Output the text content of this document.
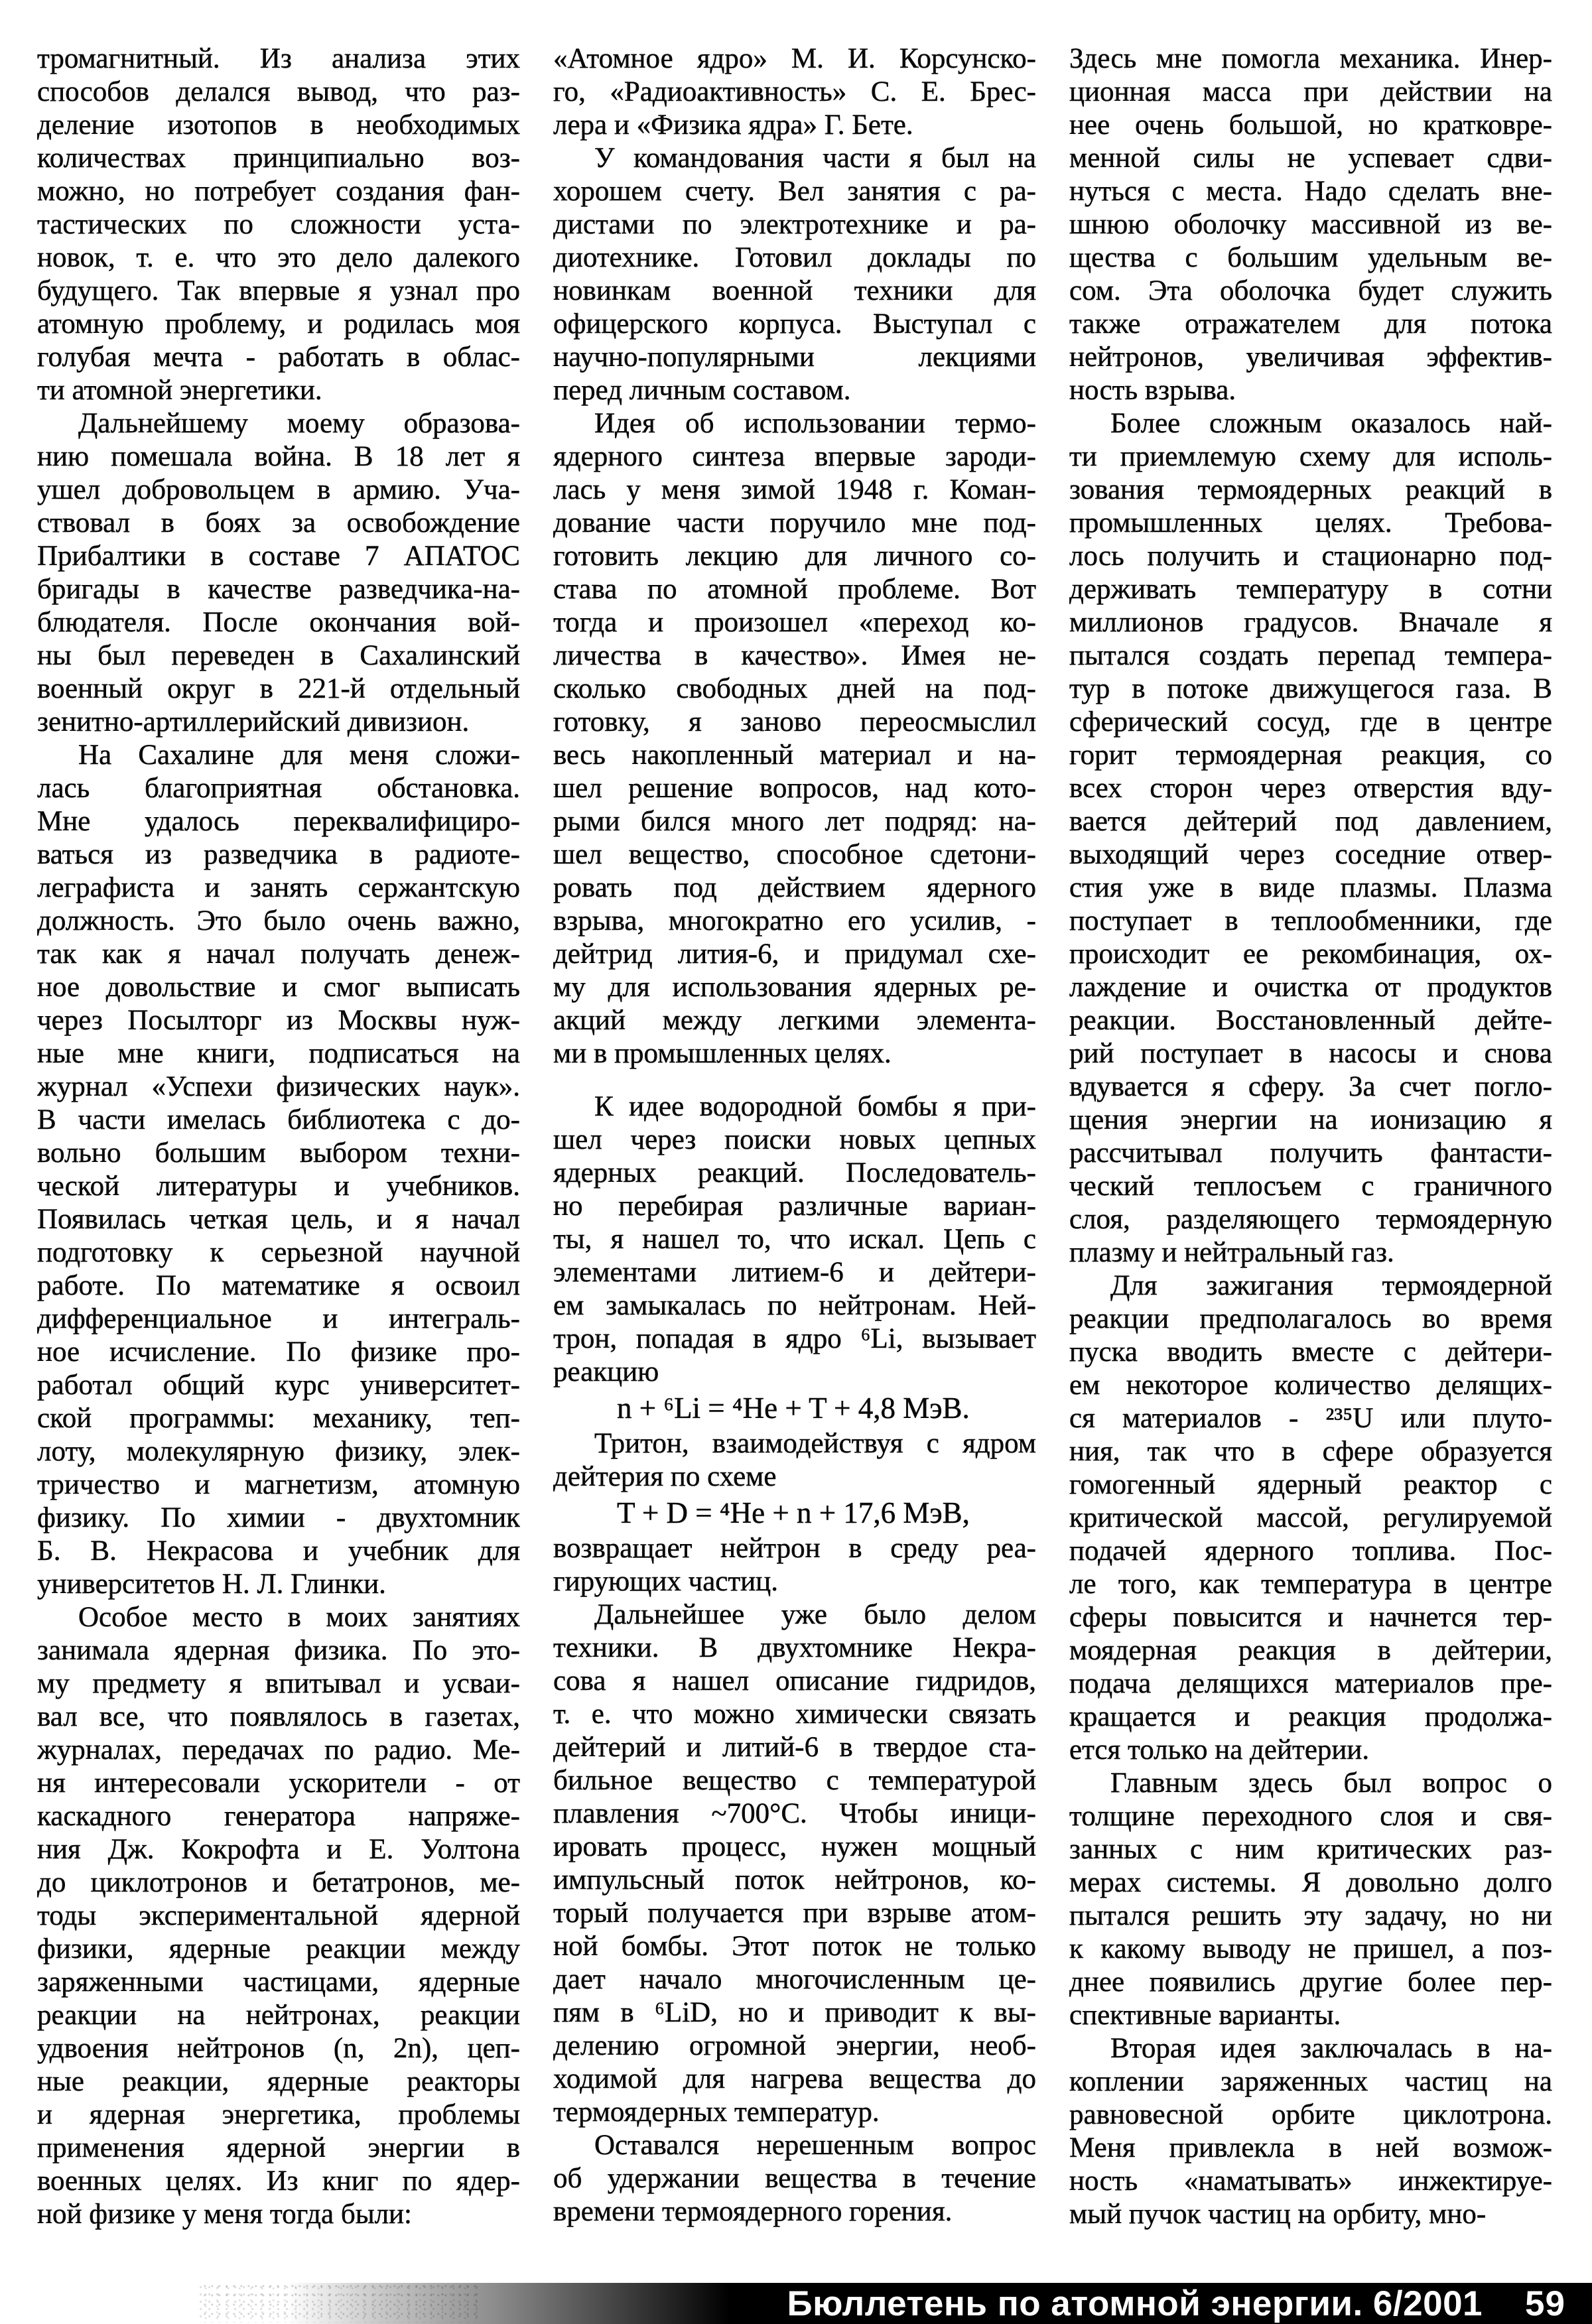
тромагнитный. Из анализа этих
способов делался вывод, что раз-
деление изотопов в необходимых
количествах принципиально воз-
можно, но потребует создания фан-
тастических по сложности уста-
новок, т. е. что это дело далекого
будущего. Так впервые я узнал про
атомную проблему, и родилась моя
голубая мечта - работать в облас-
ти атомной энергетики.
Дальнейшему моему образова-
нию помешала война. В 18 лет я
ушел добровольцем в армию. Уча-
ствовал в боях за освобождение
Прибалтики в составе 7 АПАТОС
бригады в качестве разведчика-на-
блюдателя. После окончания вой-
ны был переведен в Сахалинский
военный округ в 221-й отдельный
зенитно-артиллерийский дивизион.
На Сахалине для меня сложи-
лась благоприятная обстановка.
Мне удалось переквалифициро-
ваться из разведчика в радиоте-
леграфиста и занять сержантскую
должность. Это было очень важно,
так как я начал получать денеж-
ное довольствие и смог выписать
через Посылторг из Москвы нуж-
ные мне книги, подписаться на
журнал «Успехи физических наук».
В части имелась библиотека с до-
вольно большим выбором техни-
ческой литературы и учебников.
Появилась четкая цель, и я начал
подготовку к серьезной научной
работе. По математике я освоил
дифференциальное и интеграль-
ное исчисление. По физике про-
работал общий курс университет-
ской программы: механику, теп-
лоту, молекулярную физику, элек-
тричество и магнетизм, атомную
физику. По химии - двухтомник
Б. В. Некрасова и учебник для
университетов Н. Л. Глинки.
Особое место в моих занятиях
занимала ядерная физика. По это-
му предмету я впитывал и усваи-
вал все, что появлялось в газетах,
журналах, передачах по радио. Ме-
ня интересовали ускорители - от
каскадного генератора напряже-
ния Дж. Кокрофта и Е. Уолтона
до циклотронов и бетатронов, ме-
тоды экспериментальной ядерной
физики, ядерные реакции между
заряженными частицами, ядерные
реакции на нейтронах, реакции
удвоения нейтронов (n, 2n), цеп-
ные реакции, ядерные реакторы
и ядерная энергетика, проблемы
применения ядерной энергии в
военных целях. Из книг по ядер-
ной физике у меня тогда были:
«Атомное ядро» М. И. Корсунско-
го, «Радиоактивность» С. Е. Брес-
лера и «Физика ядра» Г. Бете.
У командования части я был на
хорошем счету. Вел занятия с ра-
дистами по электротехнике и ра-
диотехнике. Готовил доклады по
новинкам военной техники для
офицерского корпуса. Выступал с
научно-популярными лекциями
перед личным составом.
Идея об использовании термо-
ядерного синтеза впервые зароди-
лась у меня зимой 1948 г. Коман-
дование части поручило мне под-
готовить лекцию для личного со-
става по атомной проблеме. Вот
тогда и произошел «переход ко-
личества в качество». Имея не-
сколько свободных дней на под-
готовку, я заново переосмыслил
весь накопленный материал и на-
шел решение вопросов, над кото-
рыми бился много лет подряд: на-
шел вещество, способное сдетони-
ровать под действием ядерного
взрыва, многократно его усилив, -
дейтрид лития-6, и придумал схе-
му для использования ядерных ре-
акций между легкими элемента-
ми в промышленных целях.
К идее водородной бомбы я при-
шел через поиски новых цепных
ядерных реакций. Последователь-
но перебирая различные вариан-
ты, я нашел то, что искал. Цепь с
элементами литием-6 и дейтери-
ем замыкалась по нейтронам. Ней-
трон, попадая в ядро ⁶Li, вызывает
реакцию
n + ⁶Li = ⁴He + T + 4,8 МэВ.
Тритон, взаимодействуя с ядром
дейтерия по схеме
T + D = ⁴He + n + 17,6 МэВ,
возвращает нейтрон в среду реа-
гирующих частиц.
Дальнейшее уже было делом
техники. В двухтомнике Некра-
сова я нашел описание гидридов,
т. е. что можно химически связать
дейтерий и литий-6 в твердое ста-
бильное вещество с температурой
плавления ~700°C. Чтобы иници-
ировать процесс, нужен мощный
импульсный поток нейтронов, ко-
торый получается при взрыве атом-
ной бомбы. Этот поток не только
дает начало многочисленным це-
пям в ⁶LiD, но и приводит к вы-
делению огромной энергии, необ-
ходимой для нагрева вещества до
термоядерных температур.
Оставался нерешенным вопрос
об удержании вещества в течение
времени термоядерного горения.
Здесь мне помогла механика. Инер-
ционная масса при действии на
нее очень большой, но кратковре-
менной силы не успевает сдви-
нуться с места. Надо сделать вне-
шнюю оболочку массивной из ве-
щества с большим удельным ве-
сом. Эта оболочка будет служить
также отражателем для потока
нейтронов, увеличивая эффектив-
ность взрыва.
Более сложным оказалось най-
ти приемлемую схему для исполь-
зования термоядерных реакций в
промышленных целях. Требова-
лось получить и стационарно под-
держивать температуру в сотни
миллионов градусов. Вначале я
пытался создать перепад темпера-
тур в потоке движущегося газа. В
сферический сосуд, где в центре
горит термоядерная реакция, со
всех сторон через отверстия вду-
вается дейтерий под давлением,
выходящий через соседние отвер-
стия уже в виде плазмы. Плазма
поступает в теплообменники, где
происходит ее рекомбинация, ох-
лаждение и очистка от продуктов
реакции. Восстановленный дейте-
рий поступает в насосы и снова
вдувается я сферу. За счет погло-
щения энергии на ионизацию я
рассчитывал получить фантасти-
ческий теплосъем с граничного
слоя, разделяющего термоядерную
плазму и нейтральный газ.
Для зажигания термоядерной
реакции предполагалось во время
пуска вводить вместе с дейтери-
ем некоторое количество делящих-
ся материалов - ²³⁵U или плуто-
ния, так что в сфере образуется
гомогенный ядерный реактор с
критической массой, регулируемой
подачей ядерного топлива. Пос-
ле того, как температура в центре
сферы повысится и начнется тер-
моядерная реакция в дейтерии,
подача делящихся материалов пре-
кращается и реакция продолжа-
ется только на дейтерии.
Главным здесь был вопрос о
толщине переходного слоя и свя-
занных с ним критических раз-
мерах системы. Я довольно долго
пытался решить эту задачу, но ни
к какому выводу не пришел, а поз-
днее появились другие более пер-
спективные варианты.
Вторая идея заключалась в на-
коплении заряженных частиц на
равновесной орбите циклотрона.
Меня привлекла в ней возмож-
ность «наматывать» инжектируе-
мый пучок частиц на орбиту, мно-
Бюллетень по атомной энергии. 6/2001 59
